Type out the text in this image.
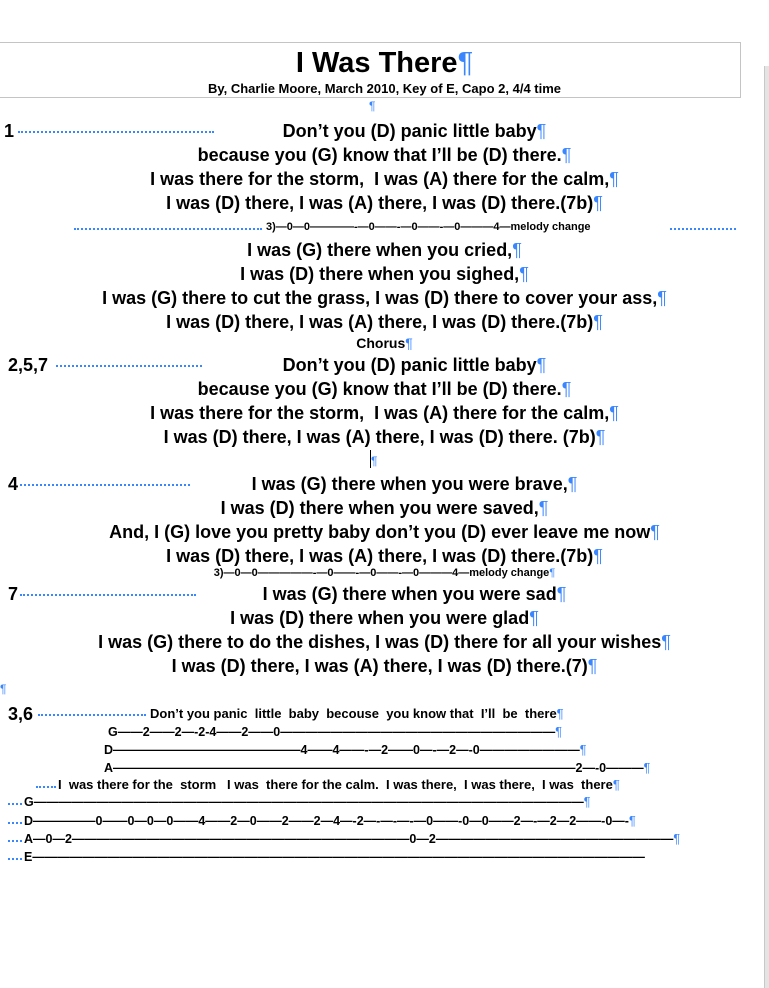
I Was There¶
By, Charlie Moore, March 2010, Key of E, Capo 2, 4/4 time
¶
1	Don’t you (D) panic little baby¶
because you (G) know that I’ll be (D) there.¶
I was there for the storm,  I was (A) there for the calm,¶
I was (D) there, I was (A) there, I was (D) there.(7b)¶
3)—0—0————-—0——-—0——-—0———4—melody change
I was (G) there when you cried,¶
I was (D) there when you sighed,¶
I was (G) there to cut the grass, I was (D) there to cover your ass,¶
I was (D) there, I was (A) there, I was (D) there.(7b)¶
Chorus¶
2,5,7	Don’t you (D) panic little baby¶
because you (G) know that I’ll be (D) there.¶
I was there for the storm,  I was (A) there for the calm,¶
I was (D) there, I was (A) there, I was (D) there. (7b)¶
¶
4	I was (G) there when you were brave,¶
I was (D) there when you were saved,¶
And, I (G) love you pretty baby don’t you (D) ever leave me now¶
I was (D) there, I was (A) there, I was (D) there.(7b)¶
3)—0—0—————-—0——-—0——-—0———4—melody change¶
7	I was (G) there when you were sad¶
I was (D) there when you were glad¶
I was (G) there to do the dishes, I was (D) there for all your wishes¶
I was (D) there, I was (A) there, I was (D) there.(7)¶
¶
3,6	Don’t you panic  little  baby  becouse  you know that  I’ll  be  there¶
G——2——2—-2-4——2——0——————————————————————¶
D———————————————4——4——-—2——0—-—2—-0————————¶
A—————————————————————————————————————2—-0———¶
I  was there for the  storm   I was  there for the calm.  I was there,  I was there,  I was  there¶
G————————————————————————————————————————————¶
D—————0——0—0—0——4——2—0——2——2—4—-2—-—-—-—0——-0—0——2—-—2—2——-0—-¶
A—0—2———————————————————————————0—2———————————————————¶
E—————————————————————————————————————————————————
